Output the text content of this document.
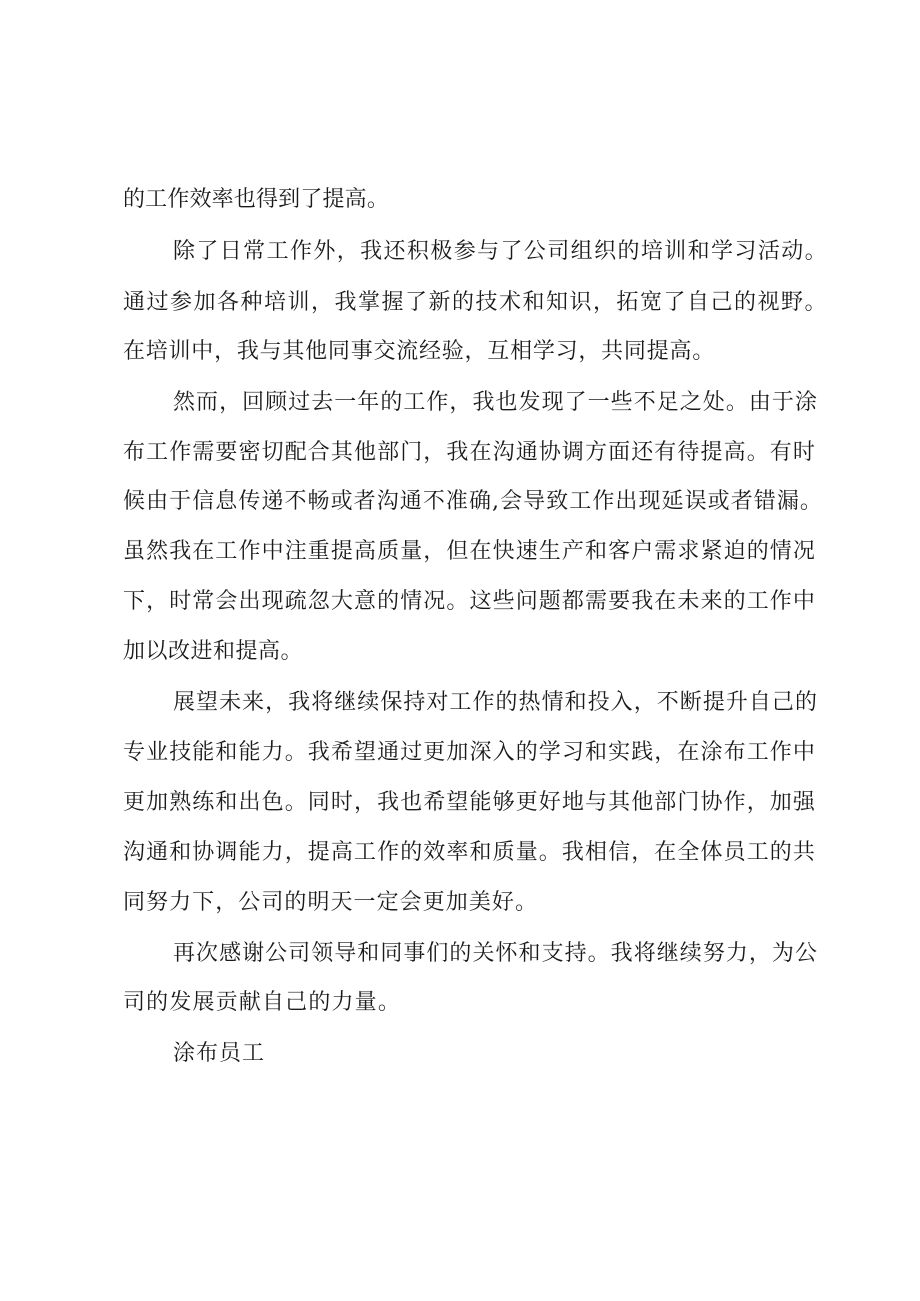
的工作效率也得到了提高。
除了日常工作外，我还积极参与了公司组织的培训和学习活动。
通过参加各种培训，我掌握了新的技术和知识，拓宽了自己的视野。
在培训中，我与其他同事交流经验，互相学习，共同提高。
然而，回顾过去一年的工作，我也发现了一些不足之处。由于涂
布工作需要密切配合其他部门，我在沟通协调方面还有待提高。有时
候由于信息传递不畅或者沟通不准确,会导致工作出现延误或者错漏。
虽然我在工作中注重提高质量，但在快速生产和客户需求紧迫的情况
下，时常会出现疏忽大意的情况。这些问题都需要我在未来的工作中
加以改进和提高。
展望未来，我将继续保持对工作的热情和投入，不断提升自己的
专业技能和能力。我希望通过更加深入的学习和实践，在涂布工作中
更加熟练和出色。同时，我也希望能够更好地与其他部门协作，加强
沟通和协调能力，提高工作的效率和质量。我相信，在全体员工的共
同努力下，公司的明天一定会更加美好。
再次感谢公司领导和同事们的关怀和支持。我将继续努力，为公
司的发展贡献自己的力量。
涂布员工
